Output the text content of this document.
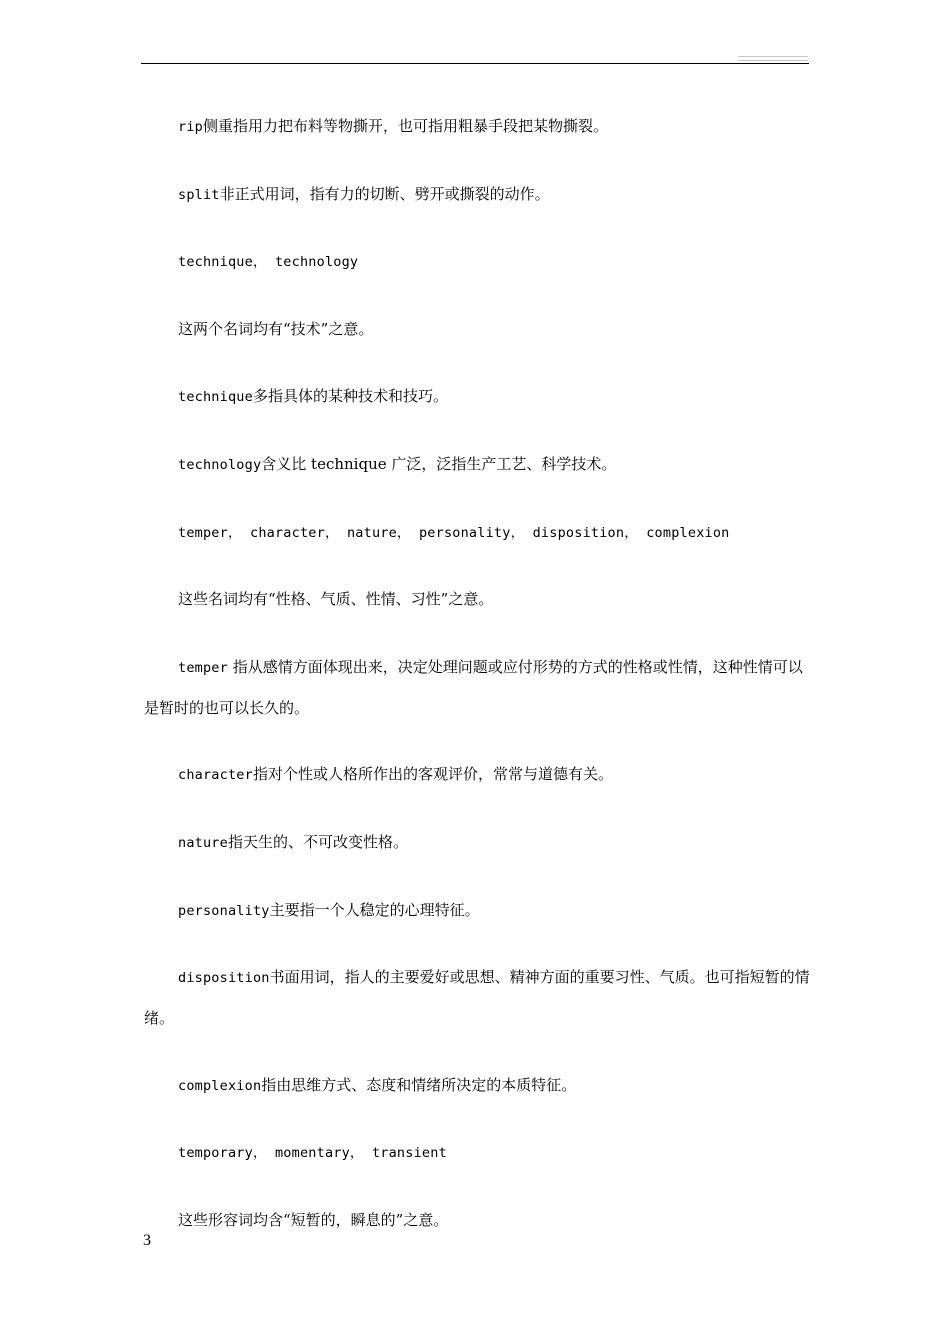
rip侧重指用力把布料等物撕开，也可指用粗暴手段把某物撕裂。

split非正式用词，指有力的切断、劈开或撕裂的动作。

technique， technology

这两个名词均有“技术”之意。

technique多指具体的某种技术和技巧。

technology含义比 technique 广泛，泛指生产工艺、科学技术。

temper， character， nature， personality， disposition， complexion

这些名词均有“性格、气质、性情、习性”之意。

temper 指从感情方面体现出来，决定处理问题或应付形势的方式的性格或性情，这种性情可以是暂时的也可以长久的。

character指对个性或人格所作出的客观评价，常常与道德有关。

nature指天生的、不可改变性格。

personality主要指一个人稳定的心理特征。

disposition书面用词，指人的主要爱好或思想、精神方面的重要习性、气质。也可指短暂的情绪。

complexion指由思维方式、态度和情绪所决定的本质特征。

temporary， momentary， transient

这些形容词均含“短暂的，瞬息的”之意。

3
